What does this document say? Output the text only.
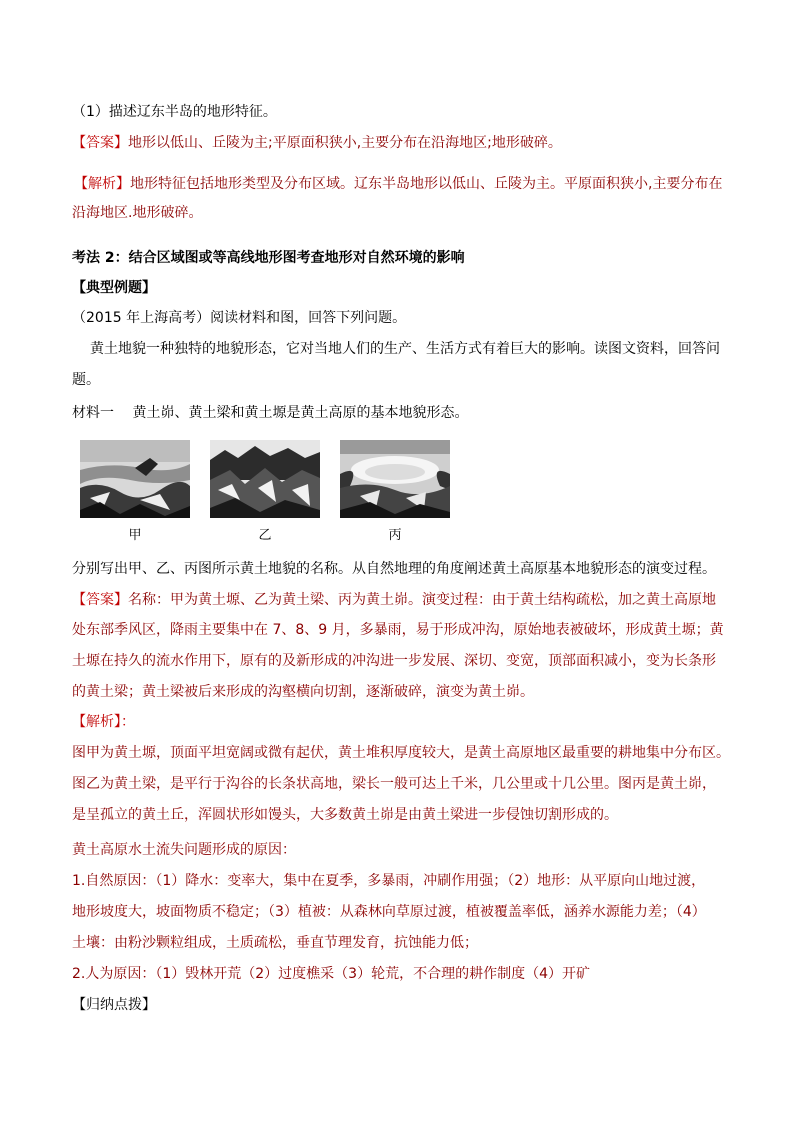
（1）描述辽东半岛的地形特征。
【答案】地形以低山、丘陵为主;平原面积狭小,主要分布在沿海地区;地形破碎。
【解析】地形特征包括地形类型及分布区域。辽东半岛地形以低山、丘陵为主。平原面积狭小,主要分布在
沿海地区.地形破碎。
考法 2：结合区域图或等高线地形图考查地形对自然环境的影响
【典型例题】
（2015 年上海高考）阅读材料和图，回答下列问题。
黄土地貌一种独特的地貌形态，它对当地人们的生产、生活方式有着巨大的影响。读图文资料，回答问
题。
材料一　 黄土峁、黄土梁和黄土塬是黄土高原的基本地貌形态。
甲	乙	丙
分别写出甲、乙、丙图所示黄土地貌的名称。从自然地理的角度阐述黄土高原基本地貌形态的演变过程。
【答案】名称：甲为黄土塬、乙为黄土梁、丙为黄土峁。演变过程：由于黄土结构疏松，加之黄土高原地
处东部季风区，降雨主要集中在 7、8、9 月，多暴雨，易于形成冲沟，原始地表被破坏，形成黄土塬；黄
土塬在持久的流水作用下，原有的及新形成的冲沟进一步发展、深切、变宽，顶部面积减小，变为长条形
的黄土梁；黄土梁被后来形成的沟壑横向切割，逐渐破碎，演变为黄土峁。
【解析】：
图甲为黄土塬，顶面平坦宽阔或微有起伏，黄土堆积厚度较大，是黄土高原地区最重要的耕地集中分布区。
图乙为黄土梁，是平行于沟谷的长条状高地，梁长一般可达上千米，几公里或十几公里。图丙是黄土峁，
是呈孤立的黄土丘，浑圆状形如馒头，大多数黄土峁是由黄土梁进一步侵蚀切割形成的。
黄土高原水土流失问题形成的原因：
1.自然原因：（1）降水：变率大，集中在夏季，多暴雨，冲刷作用强；（2）地形：从平原向山地过渡，
地形坡度大，坡面物质不稳定；（3）植被：从森林向草原过渡，植被覆盖率低，涵养水源能力差；（4）
土壤：由粉沙颗粒组成，土质疏松，垂直节理发育，抗蚀能力低；
2.人为原因：（1）毁林开荒（2）过度樵采（3）轮荒，不合理的耕作制度（4）开矿
【归纳点拨】
